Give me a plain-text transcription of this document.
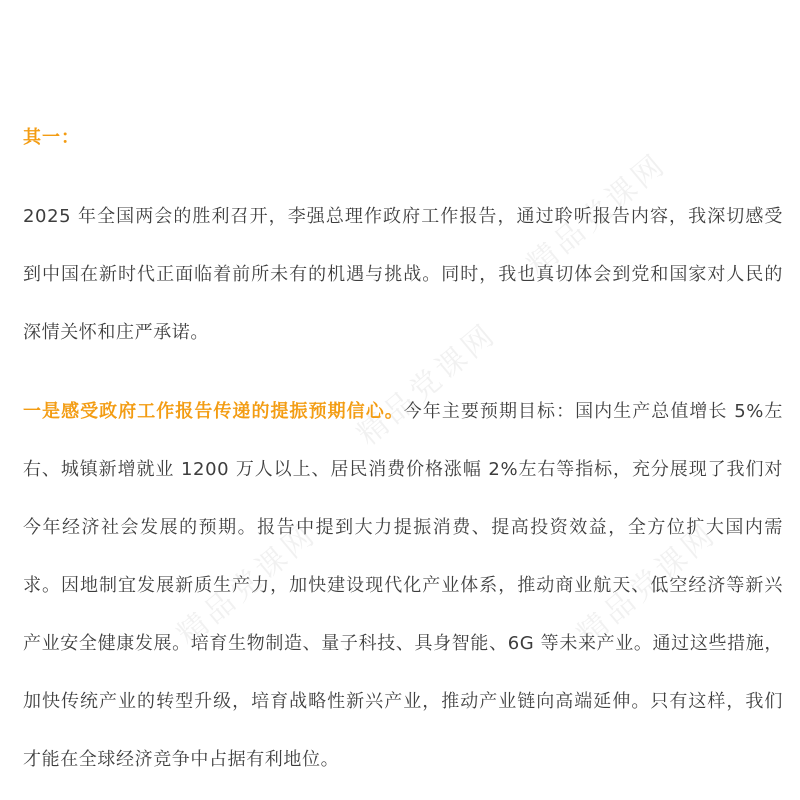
精品党课网
精品党课网
精品党课网	精品党课网
其一：

2025 年全国两会的胜利召开，李强总理作政府工作报告，通过聆听报告内容，我深切感受到中国在新时代正面临着前所未有的机遇与挑战。同时，我也真切体会到党和国家对人民的深情关怀和庄严承诺。

一是感受政府工作报告传递的提振预期信心。今年主要预期目标：国内生产总值增长 5%左右、城镇新增就业 1200 万人以上、居民消费价格涨幅 2%左右等指标，充分展现了我们对今年经济社会发展的预期。报告中提到大力提振消费、提高投资效益，全方位扩大国内需求。因地制宜发展新质生产力，加快建设现代化产业体系，推动商业航天、低空经济等新兴产业安全健康发展。培育生物制造、量子科技、具身智能、6G 等未来产业。通过这些措施，加快传统产业的转型升级，培育战略性新兴产业，推动产业链向高端延伸。只有这样，我们才能在全球经济竞争中占据有利地位。
